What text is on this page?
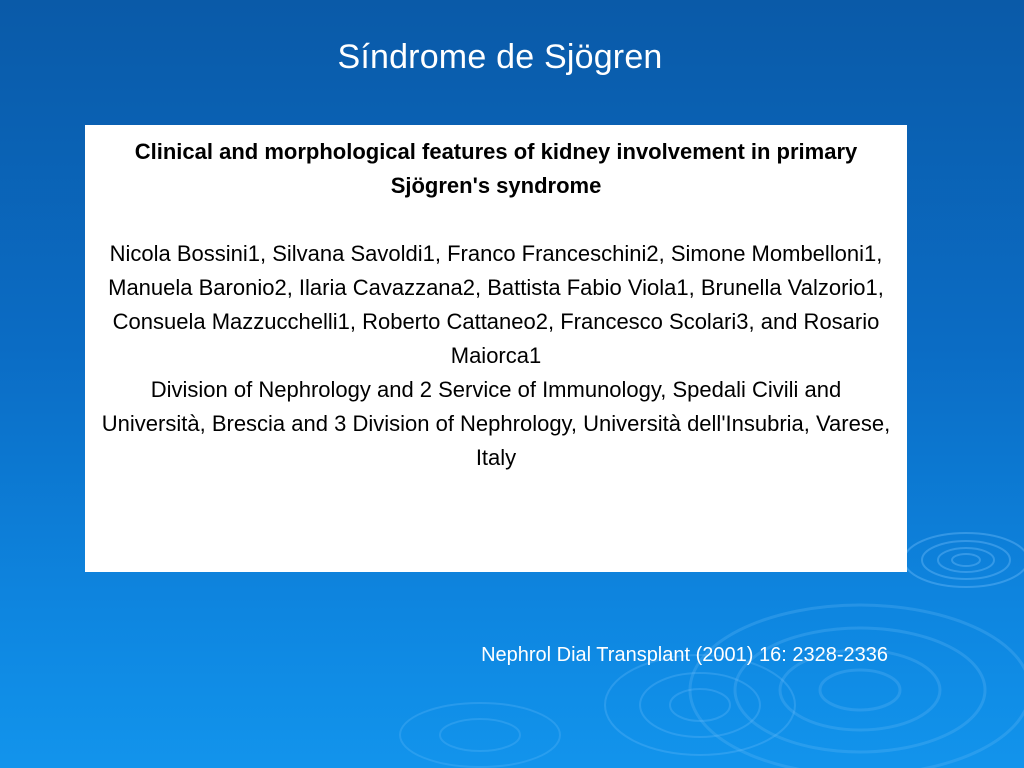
Síndrome de Sjögren

Clinical and morphological features of kidney involvement in primary Sjögren's syndrome

Nicola Bossini1, Silvana Savoldi1, Franco Franceschini2, Simone Mombelloni1, Manuela Baronio2, Ilaria Cavazzana2, Battista Fabio Viola1, Brunella Valzorio1, Consuela Mazzucchelli1, Roberto Cattaneo2, Francesco Scolari3, and Rosario Maiorca1

Division of Nephrology and 2 Service of Immunology, Spedali Civili and Università, Brescia and 3 Division of Nephrology, Università dell'Insubria, Varese, Italy

Nephrol Dial Transplant (2001) 16: 2328-2336
